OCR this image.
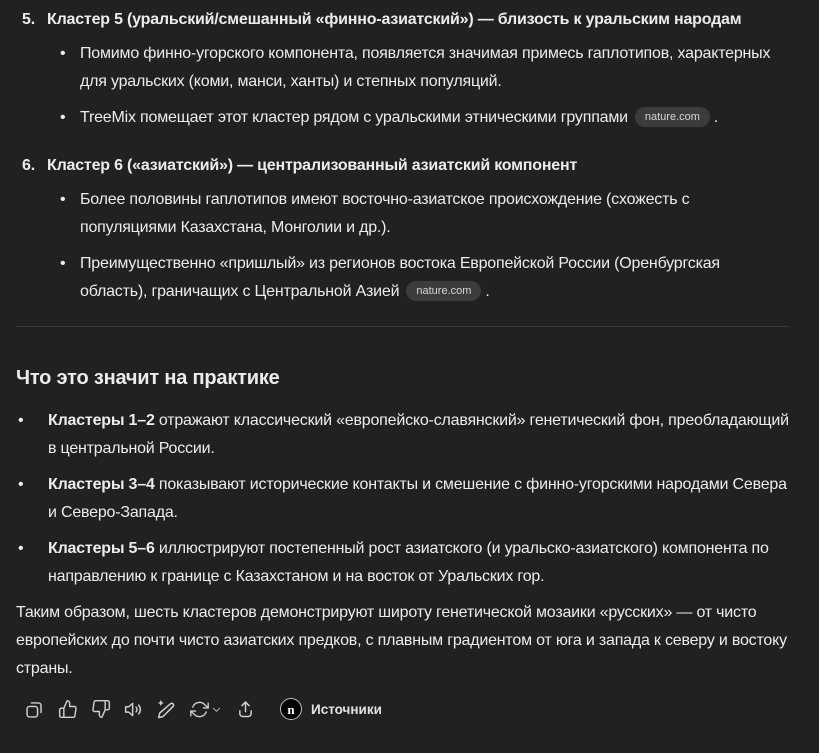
5. Кластер 5 (уральский/смешанный «финно-азиатский») — близость к уральским народам
• Помимо финно-угорского компонента, появляется значимая примесь гаплотипов, характерных для уральских (коми, манси, ханты) и степных популяций.
• TreeMix помещает этот кластер рядом с уральскими этническими группами nature.com .
6. Кластер 6 («азиатский») — централизованный азиатский компонент
• Более половины гаплотипов имеют восточно-азиатское происхождение (схожесть с популяциями Казахстана, Монголии и др.).
• Преимущественно «пришлый» из регионов востока Европейской России (Оренбургская область), граничащих с Центральной Азией nature.com .
Что это значит на практике
• Кластеры 1–2 отражают классический «европейско-славянский» генетический фон, преобладающий в центральной России.
• Кластеры 3–4 показывают исторические контакты и смешение с финно-угорскими народами Севера и Северо-Запада.
• Кластеры 5–6 иллюстрируют постепенный рост азиатского (и уральско-азиатского) компонента по направлению к границе с Казахстаном и на восток от Уральских гор.

Таким образом, шесть кластеров демонстрируют широту генетической мозаики «русских» — от чисто европейских до почти чисто азиатских предков, с плавным градиентом от юга и запада к северу и востоку страны.

n	Источники
